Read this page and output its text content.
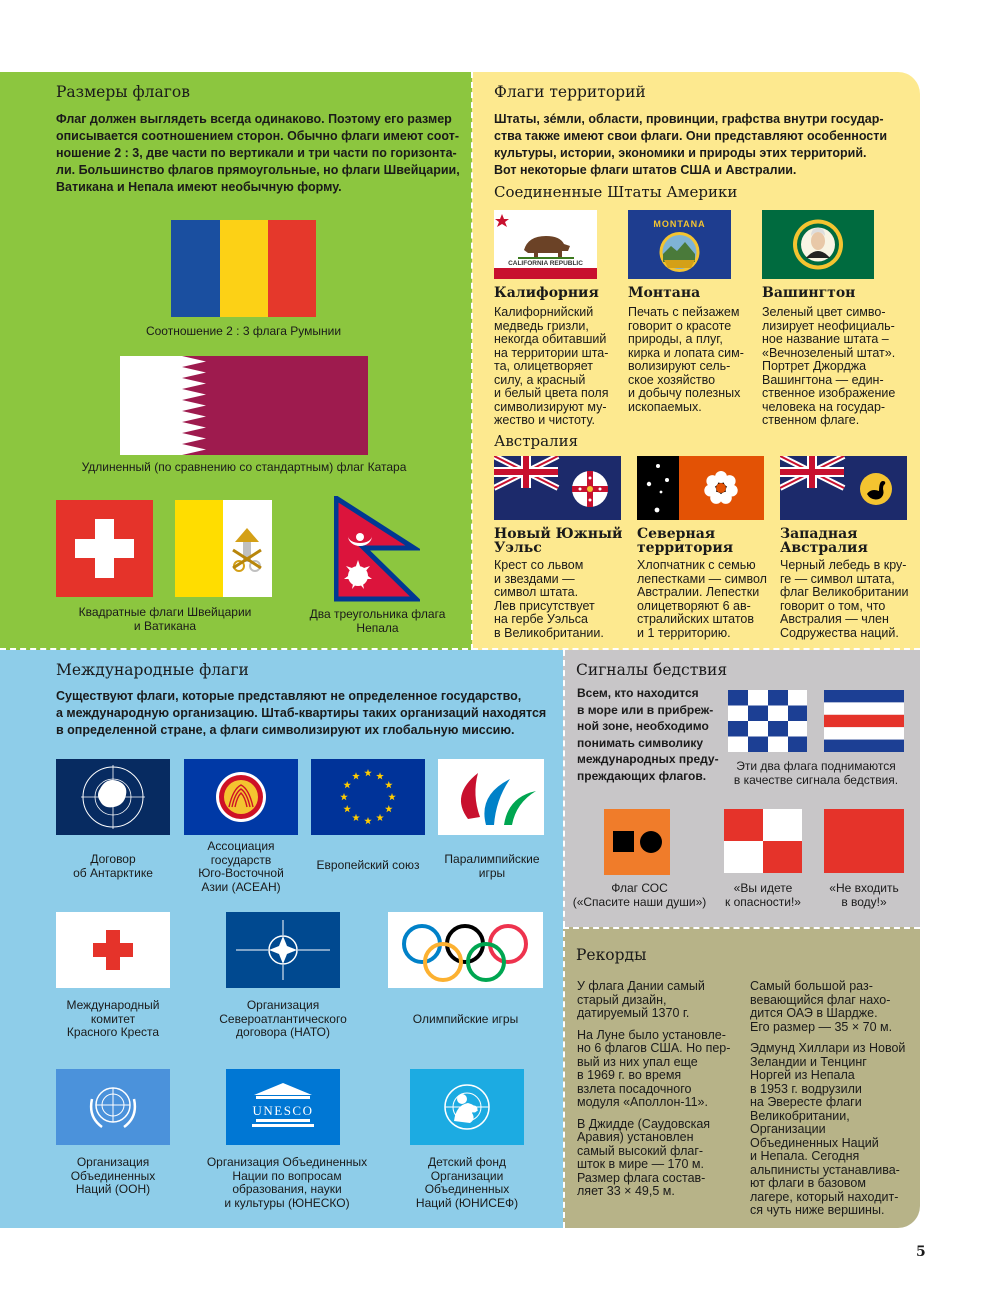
Размеры флагов
Флаг должен выглядеть всегда одинаково. Поэтому его размер
описывается соотношением сторон. Обычно флаги имеют соот-
ношение 2 : 3, две части по вертикали и три части по горизонта-
ли. Большинство флагов прямоугольные, но флаги Швейцарии,
Ватикана и Непала имеют необычную форму.
Соотношение 2 : 3 флага Румынии
Удлиненный (по сравнению со стандартным) флаг Катара
Квадратные флаги Швейцарии
и Ватикана
Два треугольника флага
Непала
Флаги территорий
Штаты, зéмли, области, провинции, графства внутри государ-
ства также имеют свои флаги. Они представляют особенности
культуры, истории, экономики и природы этих территорий.
Вот некоторые флаги штатов США и Австралии.
Соединенные Штаты Америки
CALIFORNIA REPUBLIC
MONTANA
Калифорния
Калифорнийский
медведь гризли,
некогда обитавший
на территории шта-
та, олицетворяет
силу, а красный
и белый цвета поля
символизируют му-
жество и чистоту.
Монтана
Печать с пейзажем
говорит о красоте
природы, а плуг,
кирка и лопата сим-
волизируют сель-
ское хозяйство
и добычу полезных
ископаемых.
Вашингтон
Зеленый цвет симво-
лизирует неофициаль-
ное название штата –
«Вечнозеленый штат».
Портрет Джорджа
Вашингтона — един-
ственное изображение
человека на государ-
ственном флаге.
Австралия
Новый Южный
Уэльс
Крест со львом
и звездами —
символ штата.
Лев присутствует
на гербе Уэльса
в Великобритании.
Северная
территория
Хлопчатник с семью
лепестками — символ
Австралии. Лепестки
олицетворяют 6 ав-
стралийских штатов
и 1 территорию.
Западная
Австралия
Черный лебедь в кру-
ге — символ штата,
флаг Великобритании
говорит о том, что
Австралия — член
Содружества наций.
Международные флаги
Существуют флаги, которые представляют не определенное государство,
а международную организацию. Штаб-квартиры таких организаций находятся
в определенной стране, а флаги символизируют их глобальную миссию.
Договор
об Антарктике
Ассоциация
государств
Юго-Восточной
Азии (АСЕАН)
Европейский союз	Паралимпийские
игры
Международный
комитет
Красного Креста
Организация
Североатлантического
договора (НАТО)
Олимпийские игры
UNESCO
Организация
Объединенных
Наций (ООН)
Организация Объединенных
Нации по вопросам
образования, науки
и культуры (ЮНЕСКО)
Детский фонд
Организации
Объединенных
Наций (ЮНИСЕФ)
Сигналы бедствия
Всем, кто находится
в море или в прибреж-
ной зоне, необходимо
понимать символику
международных преду-
преждающих флагов.
Эти два флага поднимаются
в качестве сигнала бедствия.
Флаг СОС
(«Спасите наши души»)
«Вы идете
к опасности!»
«Не входить
в воду!»
Рекорды
У флага Дании самый
старый дизайн,
датируемый 1370 г.
На Луне было установле-
но 6 флагов США. Но пер-
вый из них упал еще
в 1969 г. во время
взлета посадочного
модуля «Аполлон-11».
В Джидде (Саудовская
Аравия) установлен
самый высокий флаг-
шток в мире — 170 м.
Размер флага состав-
ляет 33 × 49,5 м.
Самый большой раз-
вевающийся флаг нахо-
дится ОАЭ в Шардже.
Его размер — 35 × 70 м.
Эдмунд Хиллари из Новой
Зеландии и Тенцинг
Норгей из Непала
в 1953 г. водрузили
на Эвересте флаги
Великобритании,
Организации
Объединенных Наций
и Непала. Сегодня
альпинисты устанавлива-
ют флаги в базовом
лагере, который находит-
ся чуть ниже вершины.
5
